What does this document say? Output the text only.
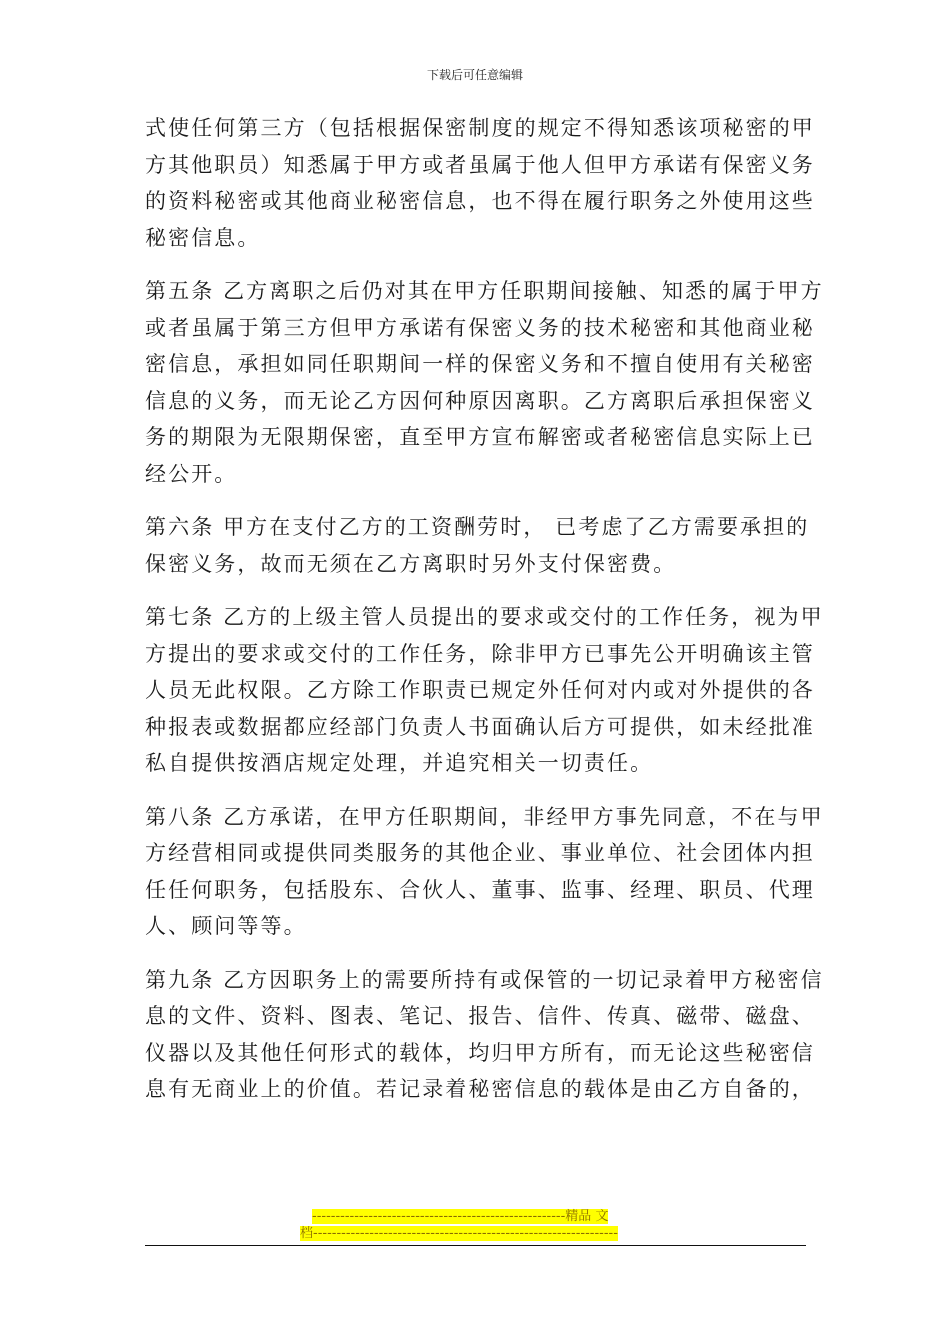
下载后可任意编辑
式使任何第三方（包括根据保密制度的规定不得知悉该项秘密的甲
方其他职员）知悉属于甲方或者虽属于他人但甲方承诺有保密义务
的资料秘密或其他商业秘密信息，也不得在履行职务之外使用这些
秘密信息。
第五条 乙方离职之后仍对其在甲方任职期间接触、知悉的属于甲方
或者虽属于第三方但甲方承诺有保密义务的技术秘密和其他商业秘
密信息，承担如同任职期间一样的保密义务和不擅自使用有关秘密
信息的义务，而无论乙方因何种原因离职。乙方离职后承担保密义
务的期限为无限期保密，直至甲方宣布解密或者秘密信息实际上已
经公开。
第六条 甲方在支付乙方的工资酬劳时， 已考虑了乙方需要承担的
保密义务，故而无须在乙方离职时另外支付保密费。
第七条 乙方的上级主管人员提出的要求或交付的工作任务，视为甲
方提出的要求或交付的工作任务，除非甲方已事先公开明确该主管
人员无此权限。乙方除工作职责已规定外任何对内或对外提供的各
种报表或数据都应经部门负责人书面确认后方可提供，如未经批准
私自提供按酒店规定处理，并追究相关一切责任。
第八条 乙方承诺，在甲方任职期间，非经甲方事先同意，不在与甲
方经营相同或提供同类服务的其他企业、事业单位、社会团体内担
任任何职务，包括股东、合伙人、董事、监事、经理、职员、代理
人、顾问等等。
第九条 乙方因职务上的需要所持有或保管的一切记录着甲方秘密信
息的文件、资料、图表、笔记、报告、信件、传真、磁带、磁盘、
仪器以及其他任何形式的载体，均归甲方所有，而无论这些秘密信
息有无商业上的价值。若记录着秘密信息的载体是由乙方自备的，
------------------------------------------------------精品 文
档-----------------------------------------------------------------
